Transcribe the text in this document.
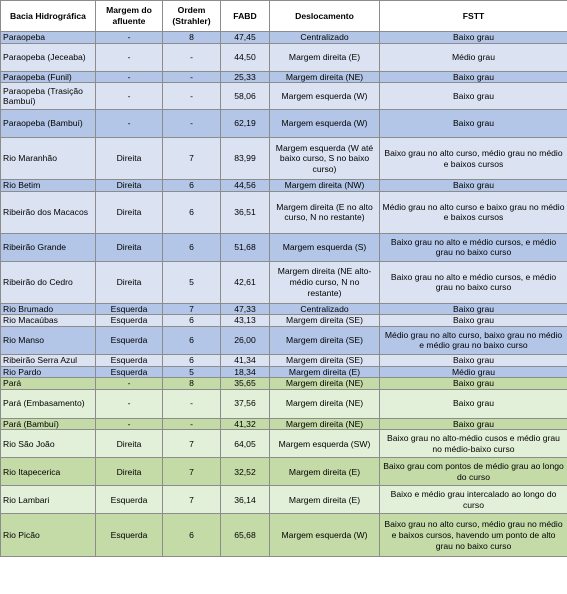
Bacia Hidrográfica	Margem do afluente	Ordem (Strahler)	FABD	Deslocamento	FSTT
Paraopeba	-	8	47,45	Centralizado	Baixo grau
Paraopeba (Jeceaba)	-	-	44,50	Margem direita (E)	Médio grau
Paraopeba (Funil)	-	-	25,33	Margem direita (NE)	Baixo grau
Paraopeba (Trasição Bambuí)	-	-	58,06	Margem esquerda (W)	Baixo grau
Paraopeba (Bambuí)	-	-	62,19	Margem esquerda (W)	Baixo grau
Rio Maranhão	Direita	7	83,99	Margem esquerda (W até baixo curso, S no baixo curso)	Baixo grau no alto curso, médio grau no médio e baixos cursos
Rio Betim	Direita	6	44,56	Margem direita (NW)	Baixo grau
Ribeirão dos Macacos	Direita	6	36,51	Margem direita (E no alto curso, N no restante)	Médio grau no alto curso e baixo grau no médio e baixos cursos
Ribeirão Grande	Direita	6	51,68	Margem esquerda (S)	Baixo grau no alto e médio cursos, e médio grau no baixo curso
Ribeirão do Cedro	Direita	5	42,61	Margem direita (NE alto-médio curso, N no restante)	Baixo grau no alto e médio cursos, e médio grau no baixo curso
Rio Brumado	Esquerda	7	47,33	Centralizado	Baixo grau
Rio Macaúbas	Esquerda	6	43,13	Margem direita (SE)	Baixo grau
Rio Manso	Esquerda	6	26,00	Margem direita (SE)	Médio grau no alto curso, baixo grau no médio e médio grau no baixo curso
Ribeirão Serra Azul	Esquerda	6	41,34	Margem direita (SE)	Baixo grau
Rio Pardo	Esquerda	5	18,34	Margem direita (E)	Médio grau
Pará	-	8	35,65	Margem direita (NE)	Baixo grau
Pará (Embasamento)	-	-	37,56	Margem direita (NE)	Baixo grau
Pará (Bambuí)	-	-	41,32	Margem direita (NE)	Baixo grau
Rio São João	Direita	7	64,05	Margem esquerda (SW)	Baixo grau no alto-médio cusos e médio grau no médio-baixo curso
Rio Itapecerica	Direita	7	32,52	Margem direita (E)	Baixo grau com pontos de médio grau ao longo do curso
Rio Lambari	Esquerda	7	36,14	Margem direita (E)	Baixo e médio grau intercalado ao longo do curso
Rio Picão	Esquerda	6	65,68	Margem esquerda (W)	Baixo grau no alto curso, médio grau no médio e baixos cursos, havendo um ponto de alto grau no baixo curso
